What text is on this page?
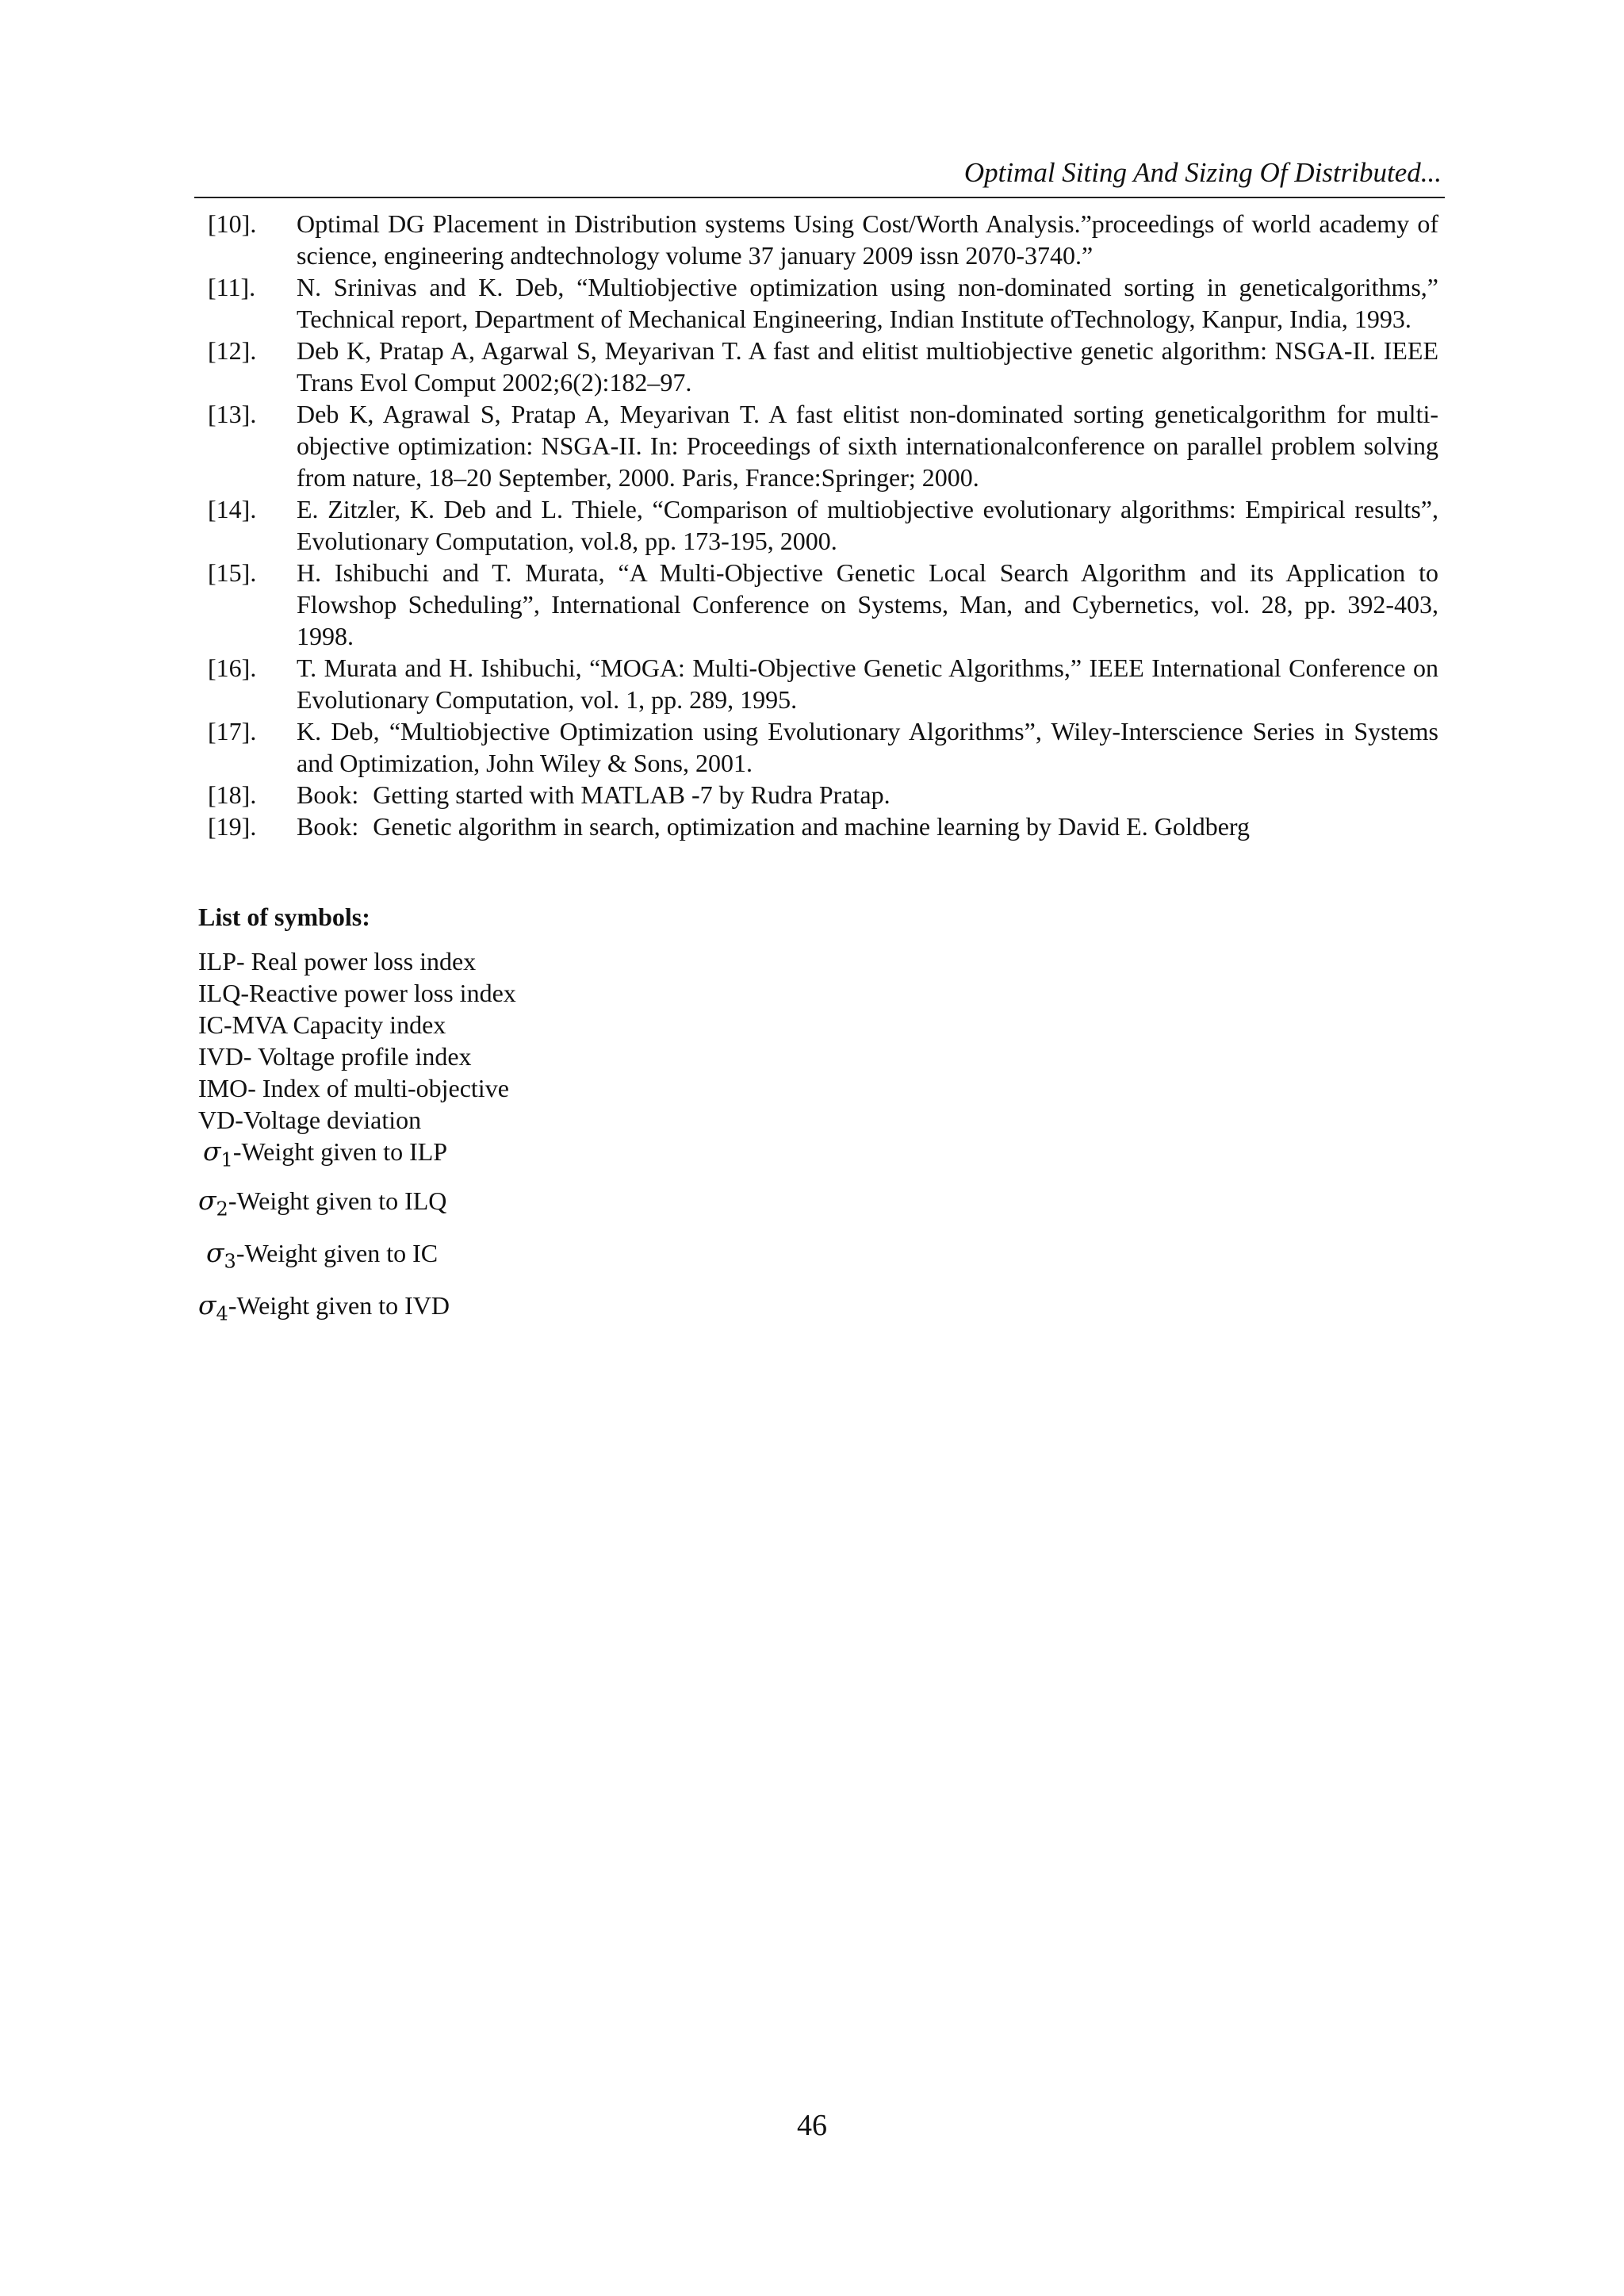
Optimal Siting And Sizing Of Distributed...
[10].	Optimal DG Placement in Distribution systems Using Cost/Worth Analysis.”proceedings of world academy of science, engineering andtechnology volume 37 january 2009 issn 2070-3740.”
[11].	N. Srinivas and K. Deb, “Multiobjective optimization using non-dominated sorting in geneticalgorithms,” Technical report, Department of Mechanical Engineering, Indian Institute ofTechnology, Kanpur, India, 1993.
[12].	Deb K, Pratap A, Agarwal S, Meyarivan T. A fast and elitist multiobjective genetic algorithm: NSGA-II. IEEE Trans Evol Comput 2002;6(2):182–97.
[13].	Deb K, Agrawal S, Pratap A, Meyarivan T. A fast elitist non-dominated sorting geneticalgorithm for multi-objective optimization: NSGA-II. In: Proceedings of sixth internationalconference on parallel problem solving from nature, 18–20 September, 2000. Paris, France:Springer; 2000.
[14].	E. Zitzler, K. Deb and L. Thiele, “Comparison of multiobjective evolutionary algorithms: Empirical results”, Evolutionary Computation, vol.8, pp. 173-195, 2000.
[15].	H. Ishibuchi and T. Murata, “A Multi-Objective Genetic Local Search Algorithm and its Application to Flowshop Scheduling”, International Conference on Systems, Man, and Cybernetics, vol. 28, pp. 392-403, 1998.
[16].	T. Murata and H. Ishibuchi, “MOGA: Multi-Objective Genetic Algorithms,” IEEE International Conference on Evolutionary Computation, vol. 1, pp. 289, 1995.
[17].	K. Deb, “Multiobjective Optimization using Evolutionary Algorithms”, Wiley-Interscience Series in Systems and Optimization, John Wiley & Sons, 2001.
[18].	Book: Getting started with MATLAB -7 by Rudra Pratap.
[19].	Book: Genetic algorithm in search, optimization and machine learning by David E. Goldberg
List of symbols:
ILP- Real power loss index
ILQ-Reactive power loss index
IC-MVA Capacity index
IVD- Voltage profile index
IMO- Index of multi-objective
VD-Voltage deviation
$\sigma_1$-Weight given to ILP
$\sigma_2$-Weight given to ILQ
$\sigma_3$-Weight given to IC
$\sigma_4$-Weight given to IVD
46
